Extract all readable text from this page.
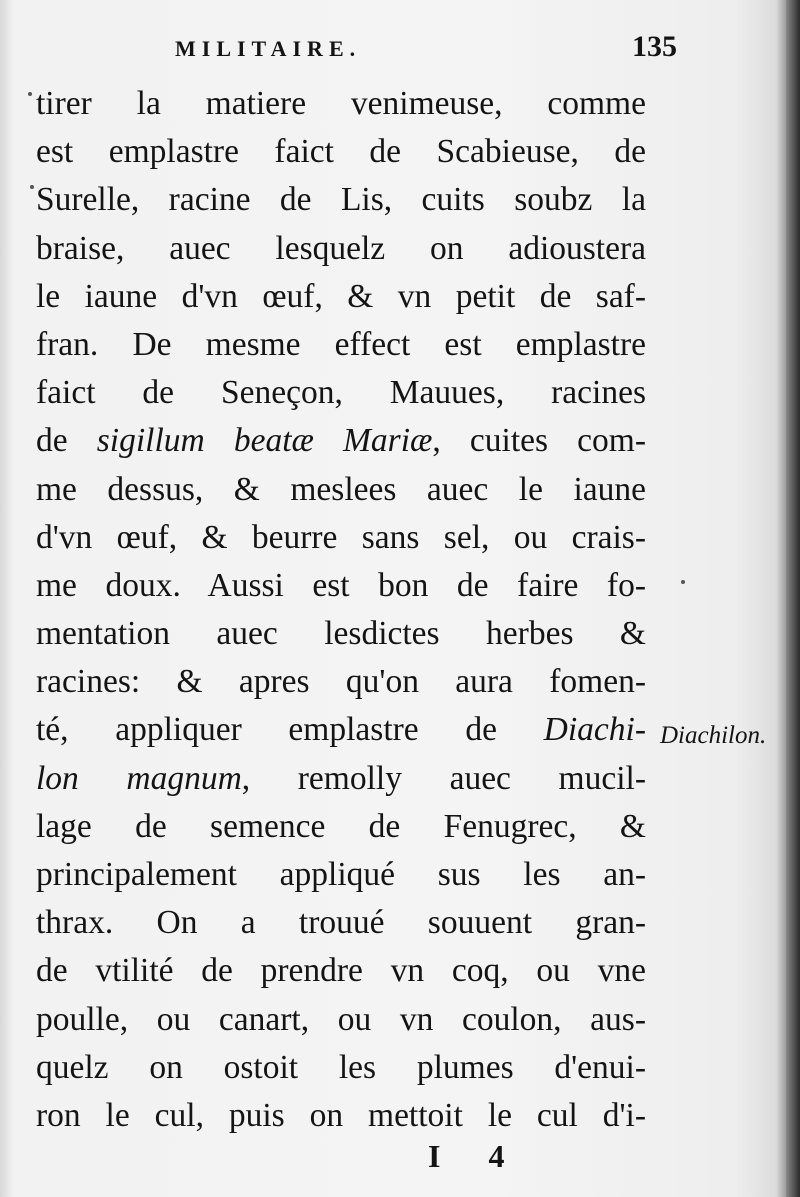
MILITAIRE.	135
tirer la matiere venimeuse, comme
est emplastre faict de Scabieuse, de
Surelle, racine de Lis, cuits soubz la
braise, auec lesquelz on adioustera
le iaune d'vn œuf, & vn petit de saf-
fran. De mesme effect est emplastre
faict de Seneçon, Mauues, racines
de sigillum beatæ Mariæ, cuites com-
me dessus, & meslees auec le iaune
d'vn œuf, & beurre sans sel, ou crais-
me doux. Aussi est bon de faire fo-
mentation auec lesdictes herbes &
racines: & apres qu'on aura fomen-
té, appliquer emplastre de Diachi-
lon magnum, remolly auec mucil-
lage de semence de Fenugrec, &
principalement appliqué sus les an-
thrax. On a trouué souuent gran-
de vtilité de prendre vn coq, ou vne
poulle, ou canart, ou vn coulon, aus-
quelz on ostoit les plumes d'enui-
ron le cul, puis on mettoit le cul d'i-
Diachilon.
I 4
